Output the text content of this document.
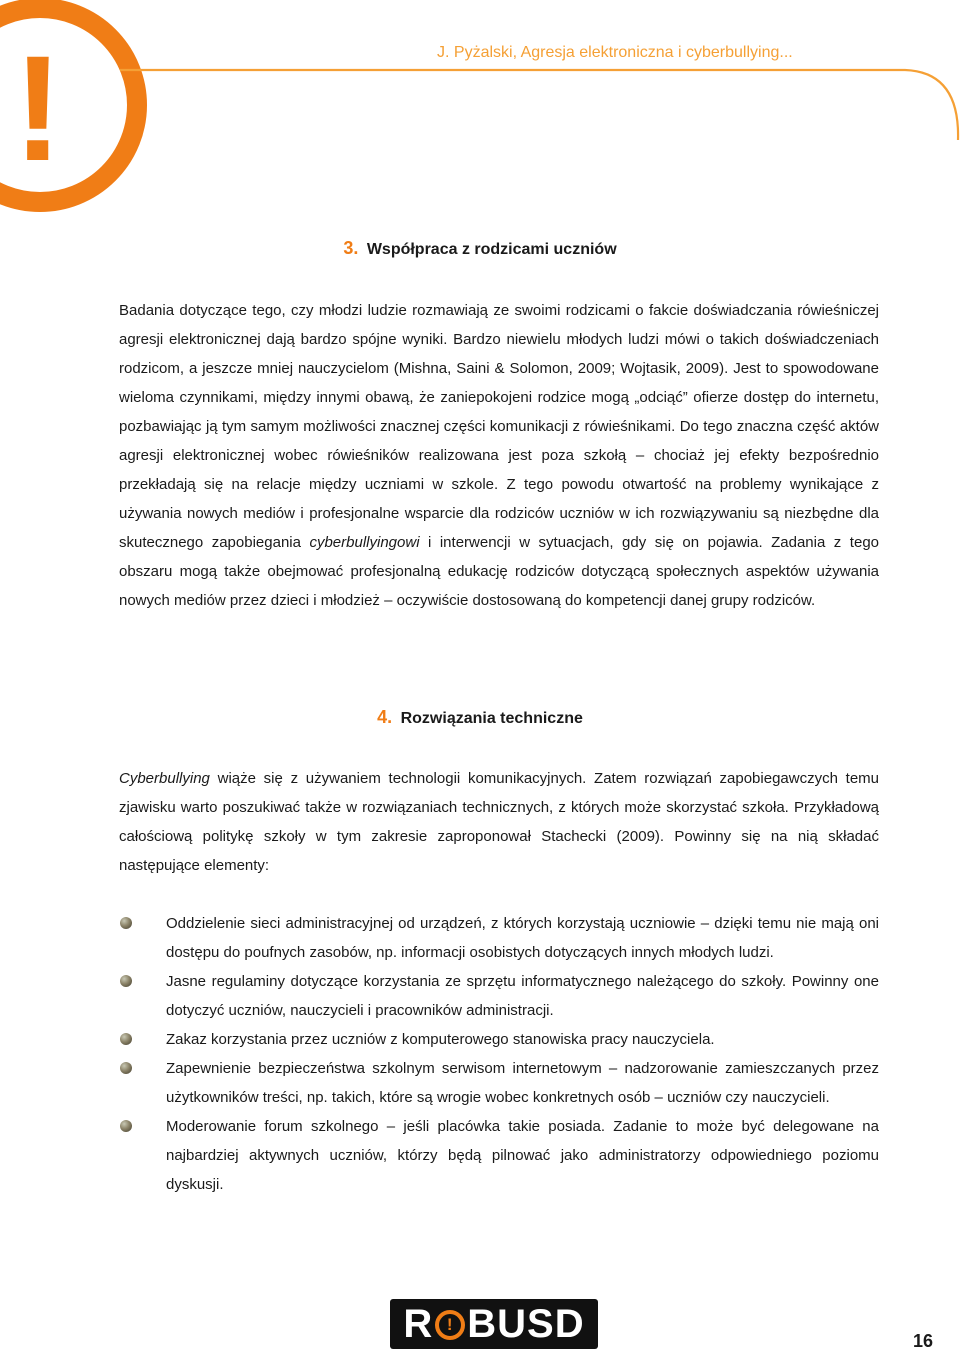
!	J. Pyżalski, Agresja elektroniczna i cyberbullying...
3. Współpraca z rodzicami uczniów

Badania dotyczące tego, czy młodzi ludzie rozmawiają ze swoimi rodzicami o fakcie doświadczania rówieśniczej agresji elektronicznej dają bardzo spójne wyniki. Bardzo niewielu młodych ludzi mówi o takich doświadczeniach rodzicom, a jeszcze mniej nauczycielom (Mishna, Saini & Solomon, 2009; Wojtasik, 2009). Jest to spowodowane wieloma czynnikami, między innymi obawą, że zaniepokojeni rodzice mogą „odciąć” ofierze dostęp do internetu, pozbawiając ją tym samym możliwości znacznej części komunikacji z rówieśnikami. Do tego znaczna część aktów agresji elektronicznej wobec rówieśników realizowana jest poza szkołą – chociaż jej efekty bezpośrednio przekładają się na relacje między uczniami w szkole. Z tego powodu otwartość na problemy wynikające z używania nowych mediów i profesjonalne wsparcie dla rodziców uczniów w ich rozwiązywaniu są niezbędne dla skutecznego zapobiegania cyberbullyingowi i interwencji w sytuacjach, gdy się on pojawia. Zadania z tego obszaru mogą także obejmować profesjonalną edukację rodziców dotyczącą społecznych aspektów używania nowych mediów przez dzieci i młodzież – oczywiście dostosowaną do kompetencji danej grupy rodziców.

4. Rozwiązania techniczne

Cyberbullying wiąże się z używaniem technologii komunikacyjnych. Zatem rozwiązań zapobiegawczych temu zjawisku warto poszukiwać także w rozwiązaniach technicznych, z których może skorzystać szkoła. Przykładową całościową politykę szkoły w tym zakresie zaproponował Stachecki (2009). Powinny się na nią składać następujące elementy:

Oddzielenie sieci administracyjnej od urządzeń, z których korzystają uczniowie – dzięki temu nie mają oni dostępu do poufnych zasobów, np. informacji osobistych dotyczących innych młodych ludzi.
Jasne regulaminy dotyczące korzystania ze sprzętu informatycznego należącego do szkoły. Powinny one dotyczyć uczniów, nauczycieli i pracowników administracji.
Zakaz korzystania przez uczniów z komputerowego stanowiska pracy nauczyciela.
Zapewnienie bezpieczeństwa szkolnym serwisom internetowym – nadzorowanie zamieszczanych przez użytkowników treści, np. takich, które są wrogie wobec konkretnych osób – uczniów czy nauczycieli.
Moderowanie forum szkolnego – jeśli placówka takie posiada. Zadanie to może być delegowane na najbardziej aktywnych uczniów, którzy będą pilnować jako administratorzy odpowiedniego poziomu dyskusji.
R ! BUSD	16
